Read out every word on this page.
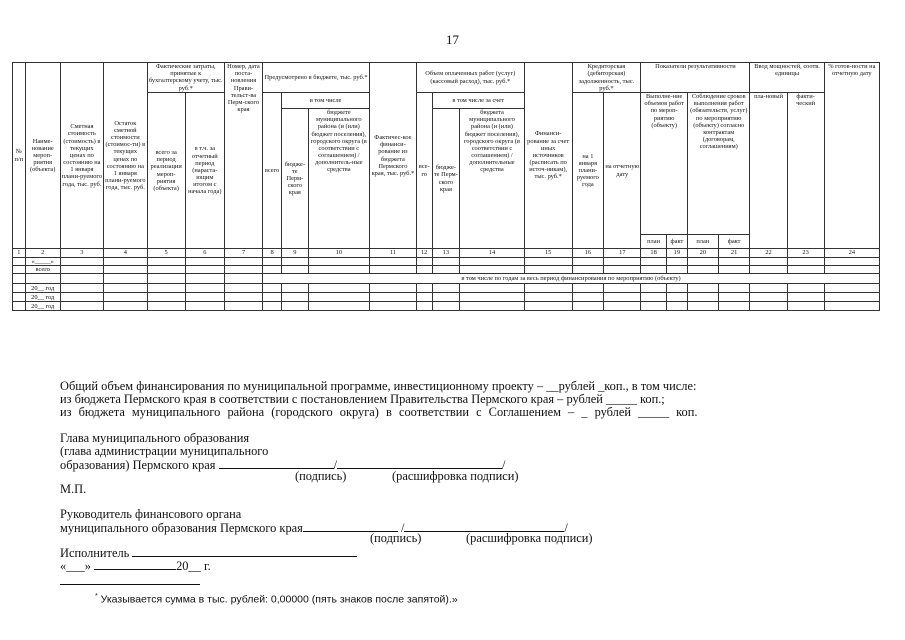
17
№ п/п	Наиме-нование мероп-риятия (объекта)	Сметная стоимость (стоимость) в текущих ценах по состоянию на 1 января плани-руемого года, тыс. руб.	Остаток сметной стоимости (стоимос-ти) в текущих ценах по состоянию на 1 января плани-руемого года, тыс. руб.	Фактические затраты, принятые к бухгалтерскому учету, тыс. руб.*		Номер, дата поста-новления Прави-тельст-ва Перм-ского края	Предусмотрено в бюджете, тыс. руб.*			Фактичес-кое финанси-рование из бюджета Пермского края, тыс. руб.*	Объем оплаченных работ (услуг) (кассовый расход), тыс. руб.*			Финанси-рование за счет иных источников (расписать по источ-никам), тыс. руб.*	Кредиторская (дебиторская) задолженность, тыс. руб.*		Показатели результативности				Ввод мощностей, соотв. единицы		% готов-ности на отчетную дату
				всего за период реализации мероп-риятия (объекта)	в т.ч. за отчетный период (нараста-ющим итогом с начала года)		всего	в том числе			все-го	в том числе за счет			на 1 января плани-руемого года	на отчетную дату	Выполне-ние объемов работ по мероп-риятию (объекту)		Соблюдение сроков выполнения работ (обязательств, услуг) по мероприятию (объекту) согласно контрактам (договорам, соглашениям)		пла-новый	факти-ческий	
								бюдже-те Перм-ского края	бюджете муниципального района (и (или) бюджет поселения), городского округа (в соответствии с соглашением) / дополнитель-ные средства			бюдже-те Перм-ского края	бюджета муниципального района (и (или) бюджет поселения), городского округа (в соответствии с соглашением) / дополнительные средства										
																	план	факт	план	факт			
1	2	3	4	5	6	7	8	9	10	11	12	13	14	15	16	17	18	19	20	21	22	23	24
	«_____»																						
	всего																						
							в том числе по годам за весь период финансирования по мероприятию (объекту)																
	20__ год																						
	20__ год																						
	20__ год																						
Общий объем финансирования по муниципальной программе, инвестиционному проекту – __рублей _коп., в том числе:
из бюджета Пермского края в соответствии с постановлением Правительства Пермского края – рублей _____ коп.;
из бюджета муниципального района (городского округа) в соответствии с Соглашением – _ рублей _____ коп.
Глава муниципального образования
(глава администрации муниципального
образования) Пермского края	/	/
(подпись)	(расшифровка подписи)
М.П.
Руководитель финансового органа
муниципального образования Пермского края	/	/
(подпись)	(расшифровка подписи)
Исполнитель
«___»	20__ г.
* Указывается сумма в тыс. рублей: 0,00000 (пять знаков после запятой).»
